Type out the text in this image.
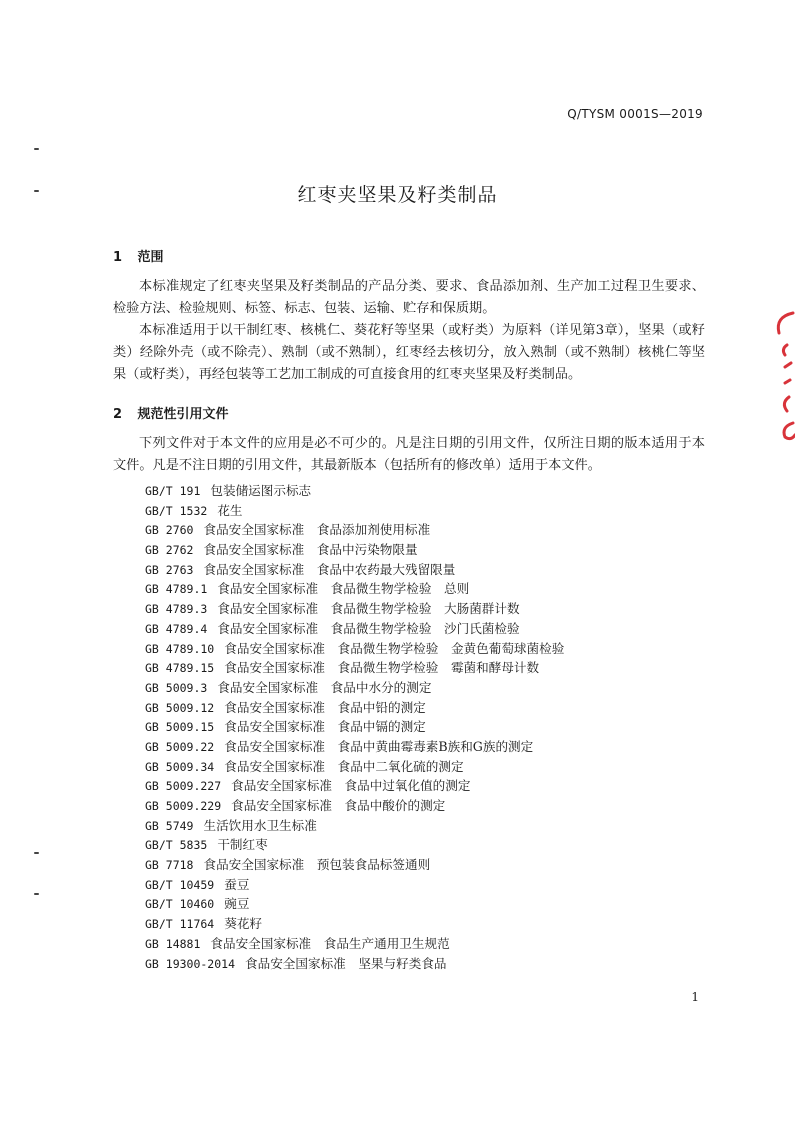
Q/TYSM 0001S—2019
红枣夹坚果及籽类制品
1 范围

本标准规定了红枣夹坚果及籽类制品的产品分类、要求、食品添加剂、生产加工过程卫生要求、检验方法、检验规则、标签、标志、包装、运输、贮存和保质期。

本标准适用于以干制红枣、核桃仁、葵花籽等坚果（或籽类）为原料（详见第3章），坚果（或籽类）经除外壳（或不除壳）、熟制（或不熟制），红枣经去核切分，放入熟制（或不熟制）核桃仁等坚果（或籽类），再经包装等工艺加工制成的可直接食用的红枣夹坚果及籽类制品。

2 规范性引用文件

下列文件对于本文件的应用是必不可少的。凡是注日期的引用文件，仅所注日期的版本适用于本文件。凡是不注日期的引用文件，其最新版本（包括所有的修改单）适用于本文件。

GB/T 191 包装储运图示标志
GB/T 1532 花生
GB 2760 食品安全国家标准　食品添加剂使用标准
GB 2762 食品安全国家标准　食品中污染物限量
GB 2763 食品安全国家标准　食品中农药最大残留限量
GB 4789.1 食品安全国家标准　食品微生物学检验　总则
GB 4789.3 食品安全国家标准　食品微生物学检验　大肠菌群计数
GB 4789.4 食品安全国家标准　食品微生物学检验　沙门氏菌检验
GB 4789.10 食品安全国家标准　食品微生物学检验　金黄色葡萄球菌检验
GB 4789.15 食品安全国家标准　食品微生物学检验　霉菌和酵母计数
GB 5009.3 食品安全国家标准　食品中水分的测定
GB 5009.12 食品安全国家标准　食品中铅的测定
GB 5009.15 食品安全国家标准　食品中镉的测定
GB 5009.22 食品安全国家标准　食品中黄曲霉毒素B族和G族的测定
GB 5009.34 食品安全国家标准　食品中二氧化硫的测定
GB 5009.227 食品安全国家标准　食品中过氧化值的测定
GB 5009.229 食品安全国家标准　食品中酸价的测定
GB 5749 生活饮用水卫生标准
GB/T 5835 干制红枣
GB 7718 食品安全国家标准　预包装食品标签通则
GB/T 10459 蚕豆
GB/T 10460 豌豆
GB/T 11764 葵花籽
GB 14881 食品安全国家标准　食品生产通用卫生规范
GB 19300-2014 食品安全国家标准　坚果与籽类食品
1
